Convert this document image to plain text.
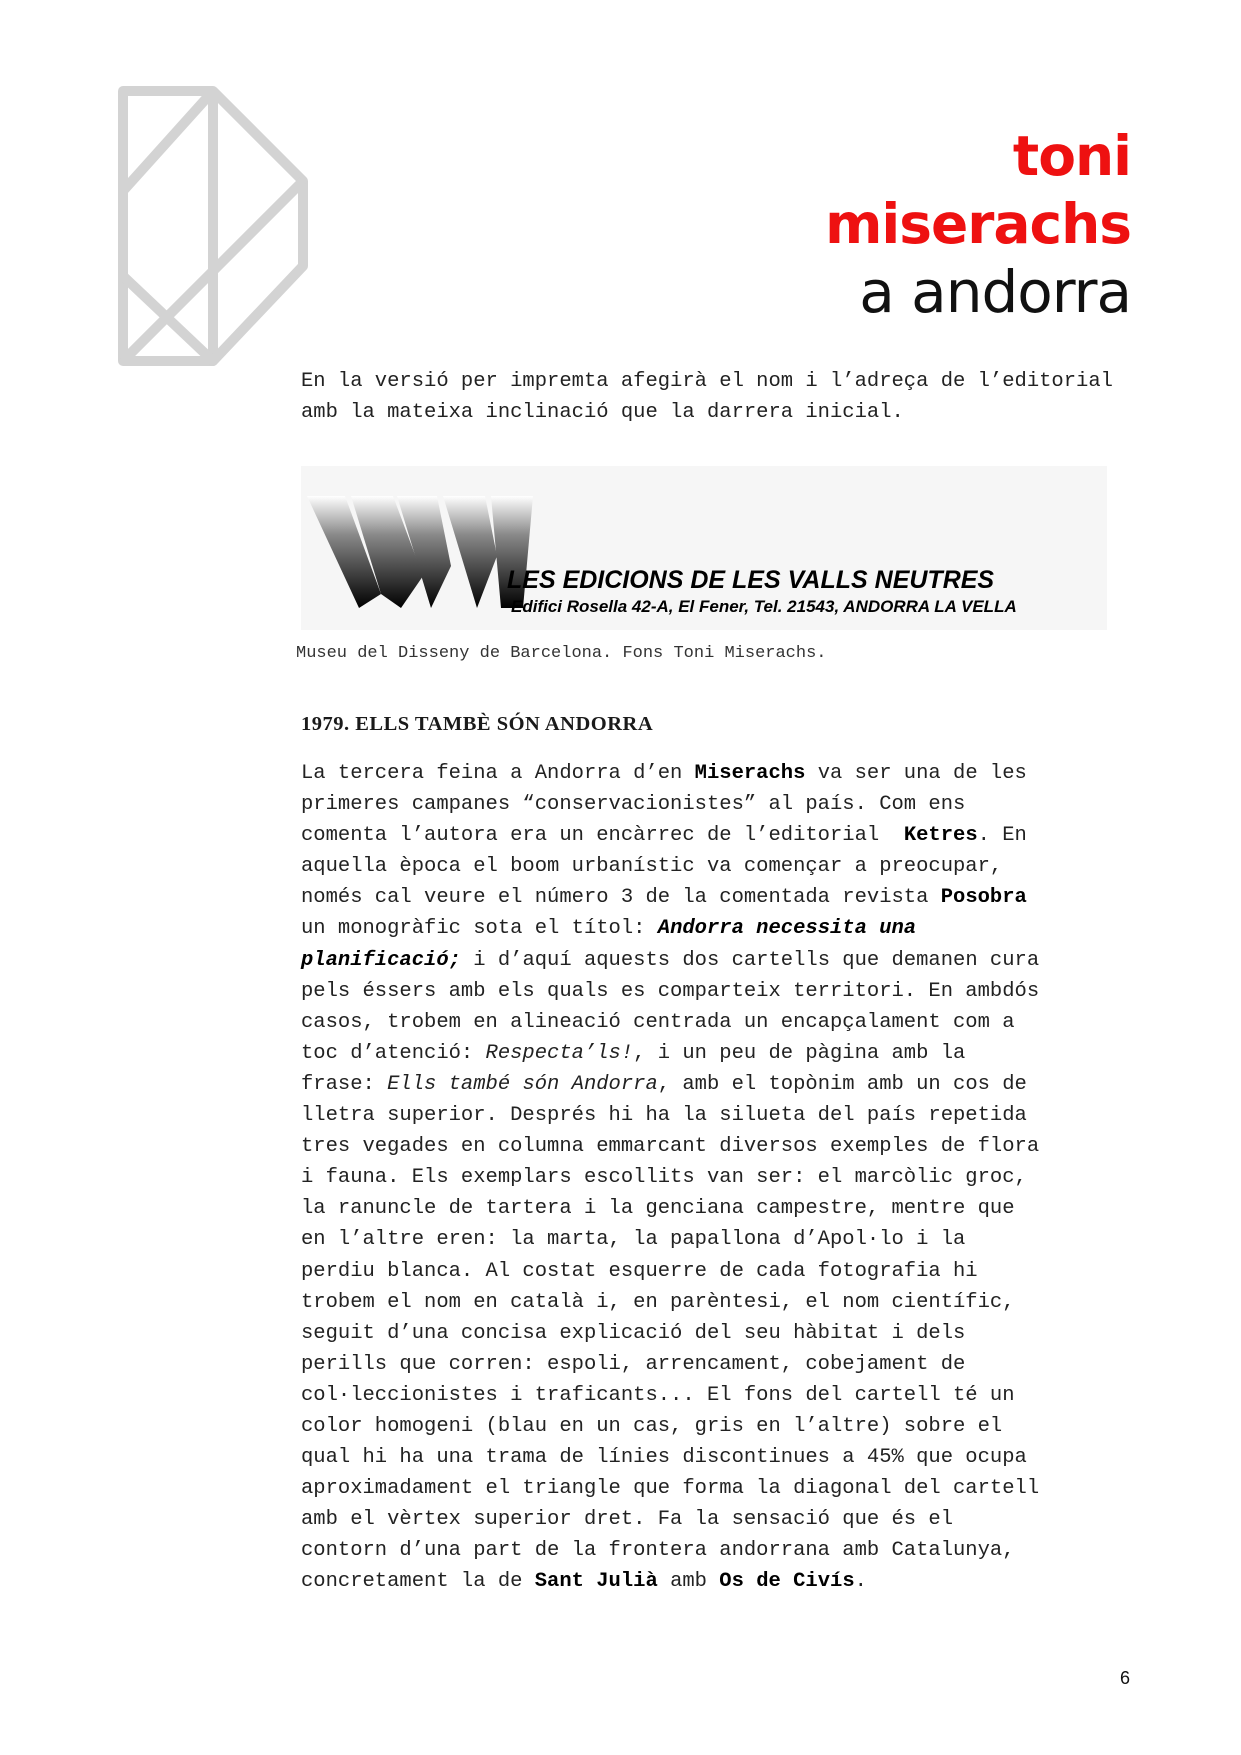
toni
miserachs
a andorra

En la versió per impremta afegirà el nom i l’adreça de l’editorial amb la mateixa inclinació que la darrera inicial.

LES EDICIONS DE LES VALLS NEUTRES
Edifici Rosella 42-A, El Fener, Tel. 21543, ANDORRA LA VELLA

Museu del Disseny de Barcelona. Fons Toni Miserachs.

1979. ELLS TAMBÈ SÓN ANDORRA
La tercera feina a Andorra d’en Miserachs va ser una de les
primeres campanes “conservacionistes” al país. Com ens
comenta l’autora era un encàrrec de l’editorial  Ketres. En
aquella època el boom urbanístic va començar a preocupar,
només cal veure el número 3 de la comentada revista Posobra
un monogràfic sota el títol: Andorra necessita una
planificació; i d’aquí aquests dos cartells que demanen cura
pels éssers amb els quals es comparteix territori. En ambdós
casos, trobem en alineació centrada un encapçalament com a
toc d’atenció: Respecta’ls!, i un peu de pàgina amb la
frase: Ells també són Andorra, amb el topònim amb un cos de
lletra superior. Després hi ha la silueta del país repetida
tres vegades en columna emmarcant diversos exemples de flora
i fauna. Els exemplars escollits van ser: el marcòlic groc,
la ranuncle de tartera i la genciana campestre, mentre que
en l’altre eren: la marta, la papallona d’Apol·lo i la
perdiu blanca. Al costat esquerre de cada fotografia hi
trobem el nom en català i, en parèntesi, el nom científic,
seguit d’una concisa explicació del seu hàbitat i dels
perills que corren: espoli, arrencament, cobejament de
col·leccionistes i traficants... El fons del cartell té un
color homogeni (blau en un cas, gris en l’altre) sobre el
qual hi ha una trama de línies discontinues a 45% que ocupa
aproximadament el triangle que forma la diagonal del cartell
amb el vèrtex superior dret. Fa la sensació que és el
contorn d’una part de la frontera andorrana amb Catalunya,
concretament la de Sant Julià amb Os de Civís.
6
